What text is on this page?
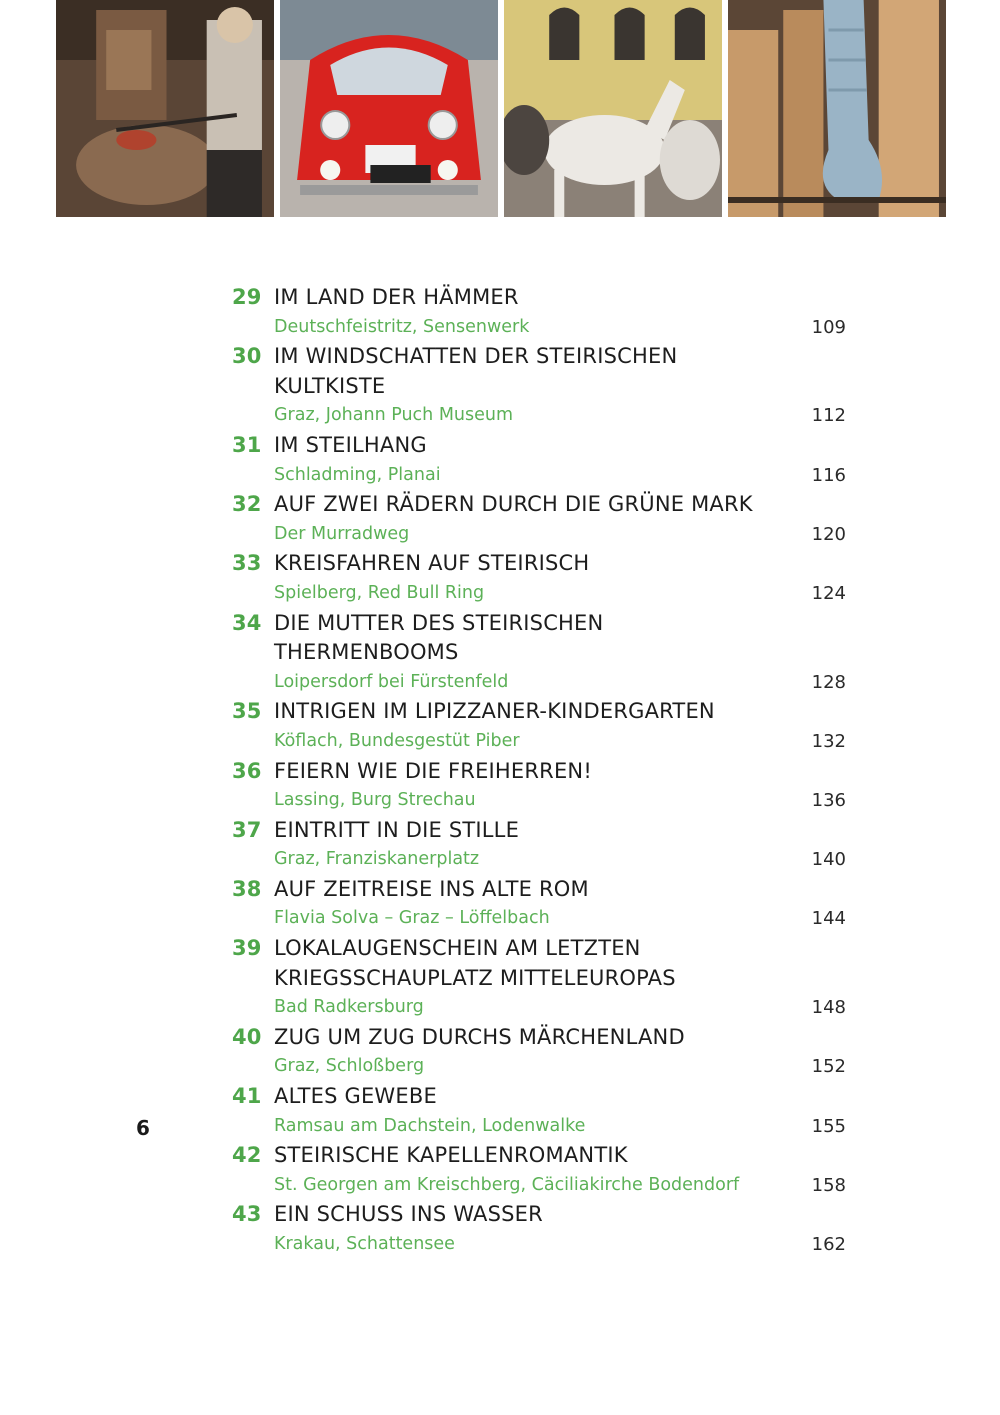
29 IM LAND DER HÄMMER
Deutschfeistritz, Sensenwerk	109
30 IM WINDSCHATTEN DER STEIRISCHEN
KULTKISTE
Graz, Johann Puch Museum	112
31 IM STEILHANG
Schladming, Planai	116
32 AUF ZWEI RÄDERN DURCH DIE GRÜNE MARK
Der Murradweg	120
33 KREISFAHREN AUF STEIRISCH
Spielberg, Red Bull Ring	124
34 DIE MUTTER DES STEIRISCHEN
THERMENBOOMS
Loipersdorf bei Fürstenfeld	128
35 INTRIGEN IM LIPIZZANER-KINDERGARTEN
Köflach, Bundesgestüt Piber	132
36 FEIERN WIE DIE FREIHERREN!
Lassing, Burg Strechau	136
37 EINTRITT IN DIE STILLE
Graz, Franziskanerplatz	140
38 AUF ZEITREISE INS ALTE ROM
Flavia Solva – Graz – Löffelbach	144
39 LOKALAUGENSCHEIN AM LETZTEN
KRIEGSSCHAUPLATZ MITTELEUROPAS
Bad Radkersburg	148
40 ZUG UM ZUG DURCHS MÄRCHENLAND
Graz, Schloßberg	152
41 ALTES GEWEBE
Ramsau am Dachstein, Lodenwalke	155
42 STEIRISCHE KAPELLENROMANTIK
St. Georgen am Kreischberg, Cäciliakirche Bodendorf	158
43 EIN SCHUSS INS WASSER
Krakau, Schattensee	162
6
